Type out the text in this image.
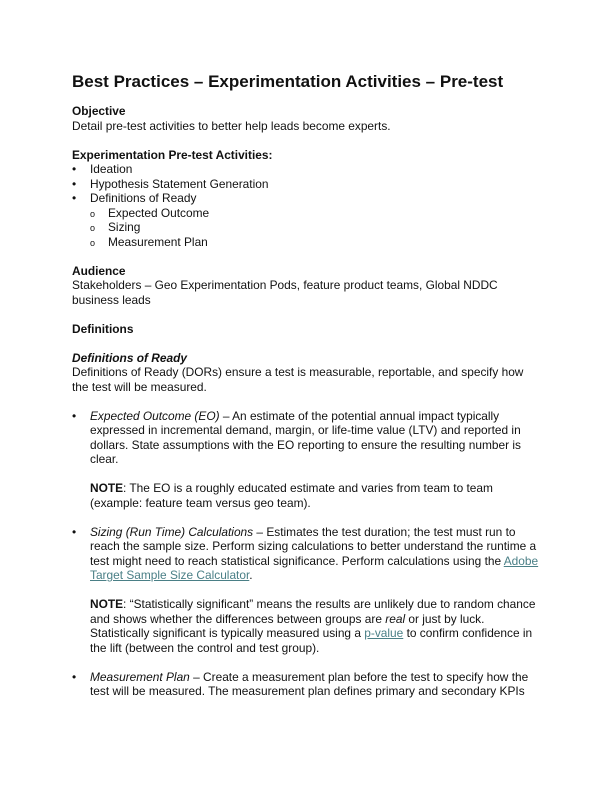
Best Practices – Experimentation Activities – Pre-test

Objective

Detail pre-test activities to better help leads become experts.

Experimentation Pre-test Activities:

• Ideation
• Hypothesis Statement Generation
• Definitions of Ready
o Expected Outcome
o Sizing
o Measurement Plan

Audience

Stakeholders – Geo Experimentation Pods, feature product teams, Global NDDC business leads

Definitions

Definitions of Ready

Definitions of Ready (DORs) ensure a test is measurable, reportable, and specify how the test will be measured.

• Expected Outcome (EO) – An estimate of the potential annual impact typically expressed in incremental demand, margin, or life-time value (LTV) and reported in dollars. State assumptions with the EO reporting to ensure the resulting number is clear.
NOTE: The EO is a roughly educated estimate and varies from team to team (example: feature team versus geo team).
• Sizing (Run Time) Calculations – Estimates the test duration; the test must run to reach the sample size. Perform sizing calculations to better understand the runtime a test might need to reach statistical significance. Perform calculations using the Adobe Target Sample Size Calculator.
NOTE: “Statistically significant” means the results are unlikely due to random chance and shows whether the differences between groups are real or just by luck. Statistically significant is typically measured using a p-value to confirm confidence in the lift (between the control and test group).
• Measurement Plan – Create a measurement plan before the test to specify how the test will be measured. The measurement plan defines primary and secondary KPIs
